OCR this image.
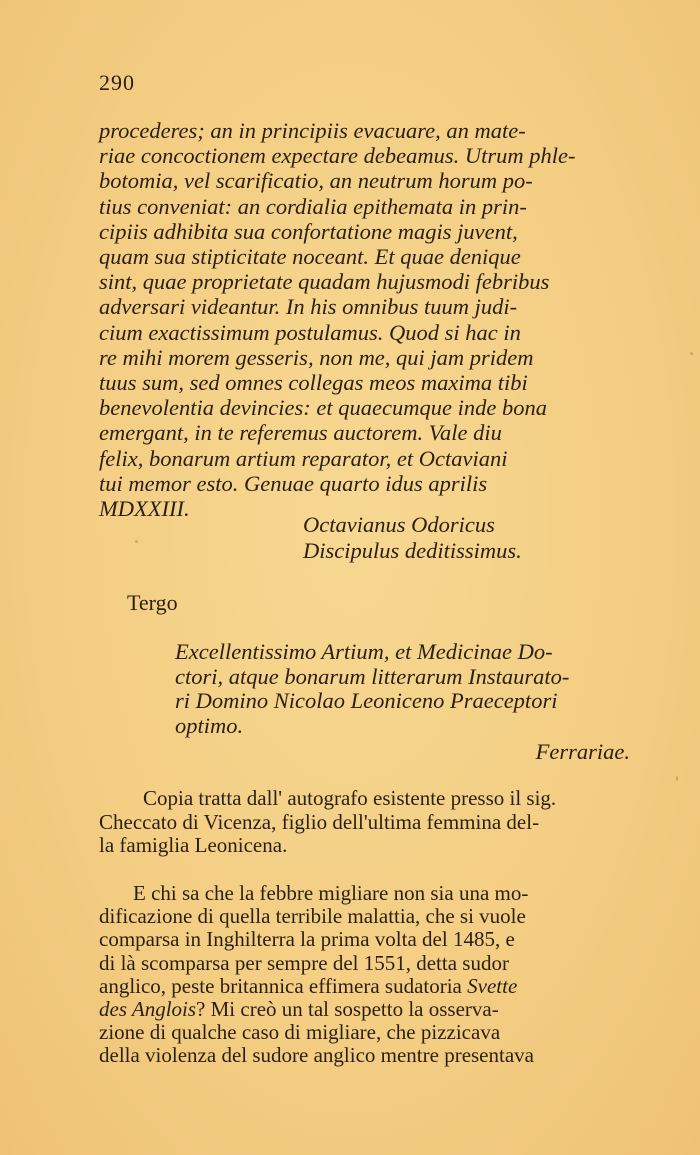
290
procederes; an in principiis evacuare, an mate-
riae concoctionem expectare debeamus. Utrum phle-
botomia, vel scarificatio, an neutrum horum po-
tius conveniat: an cordialia epithemata in prin-
cipiis adhibita sua confortatione magis juvent,
quam sua stipticitate noceant. Et quae denique
sint, quae proprietate quadam hujusmodi febribus
adversari videantur. In his omnibus tuum judi-
cium exactissimum postulamus. Quod si hac in
re mihi morem gesseris, non me, qui jam pridem
tuus sum, sed omnes collegas meos maxima tibi
benevolentia devincies: et quaecumque inde bona
emergant, in te referemus auctorem. Vale diu
felix, bonarum artium reparator, et Octaviani
tui memor esto. Genuae quarto idus aprilis
MDXXIII.
Octavianus Odoricus
Discipulus deditissimus.
Tergo
Excellentissimo Artium, et Medicinae Do-
ctori, atque bonarum litterarum Instaurato-
ri Domino Nicolao Leoniceno Praeceptori
optimo.
Ferrariae.
Copia tratta dall' autografo esistente presso il sig.
Checcato di Vicenza, figlio dell'ultima femmina del-
la famiglia Leonicena.
E chi sa che la febbre migliare non sia una mo-
dificazione di quella terribile malattia, che si vuole
comparsa in Inghilterra la prima volta del 1485, e
di là scomparsa per sempre del 1551, detta sudor
anglico, peste britannica effimera sudatoria Svette
des Anglois? Mi creò un tal sospetto la osserva-
zione di qualche caso di migliare, che pizzicava
della violenza del sudore anglico mentre presentava
